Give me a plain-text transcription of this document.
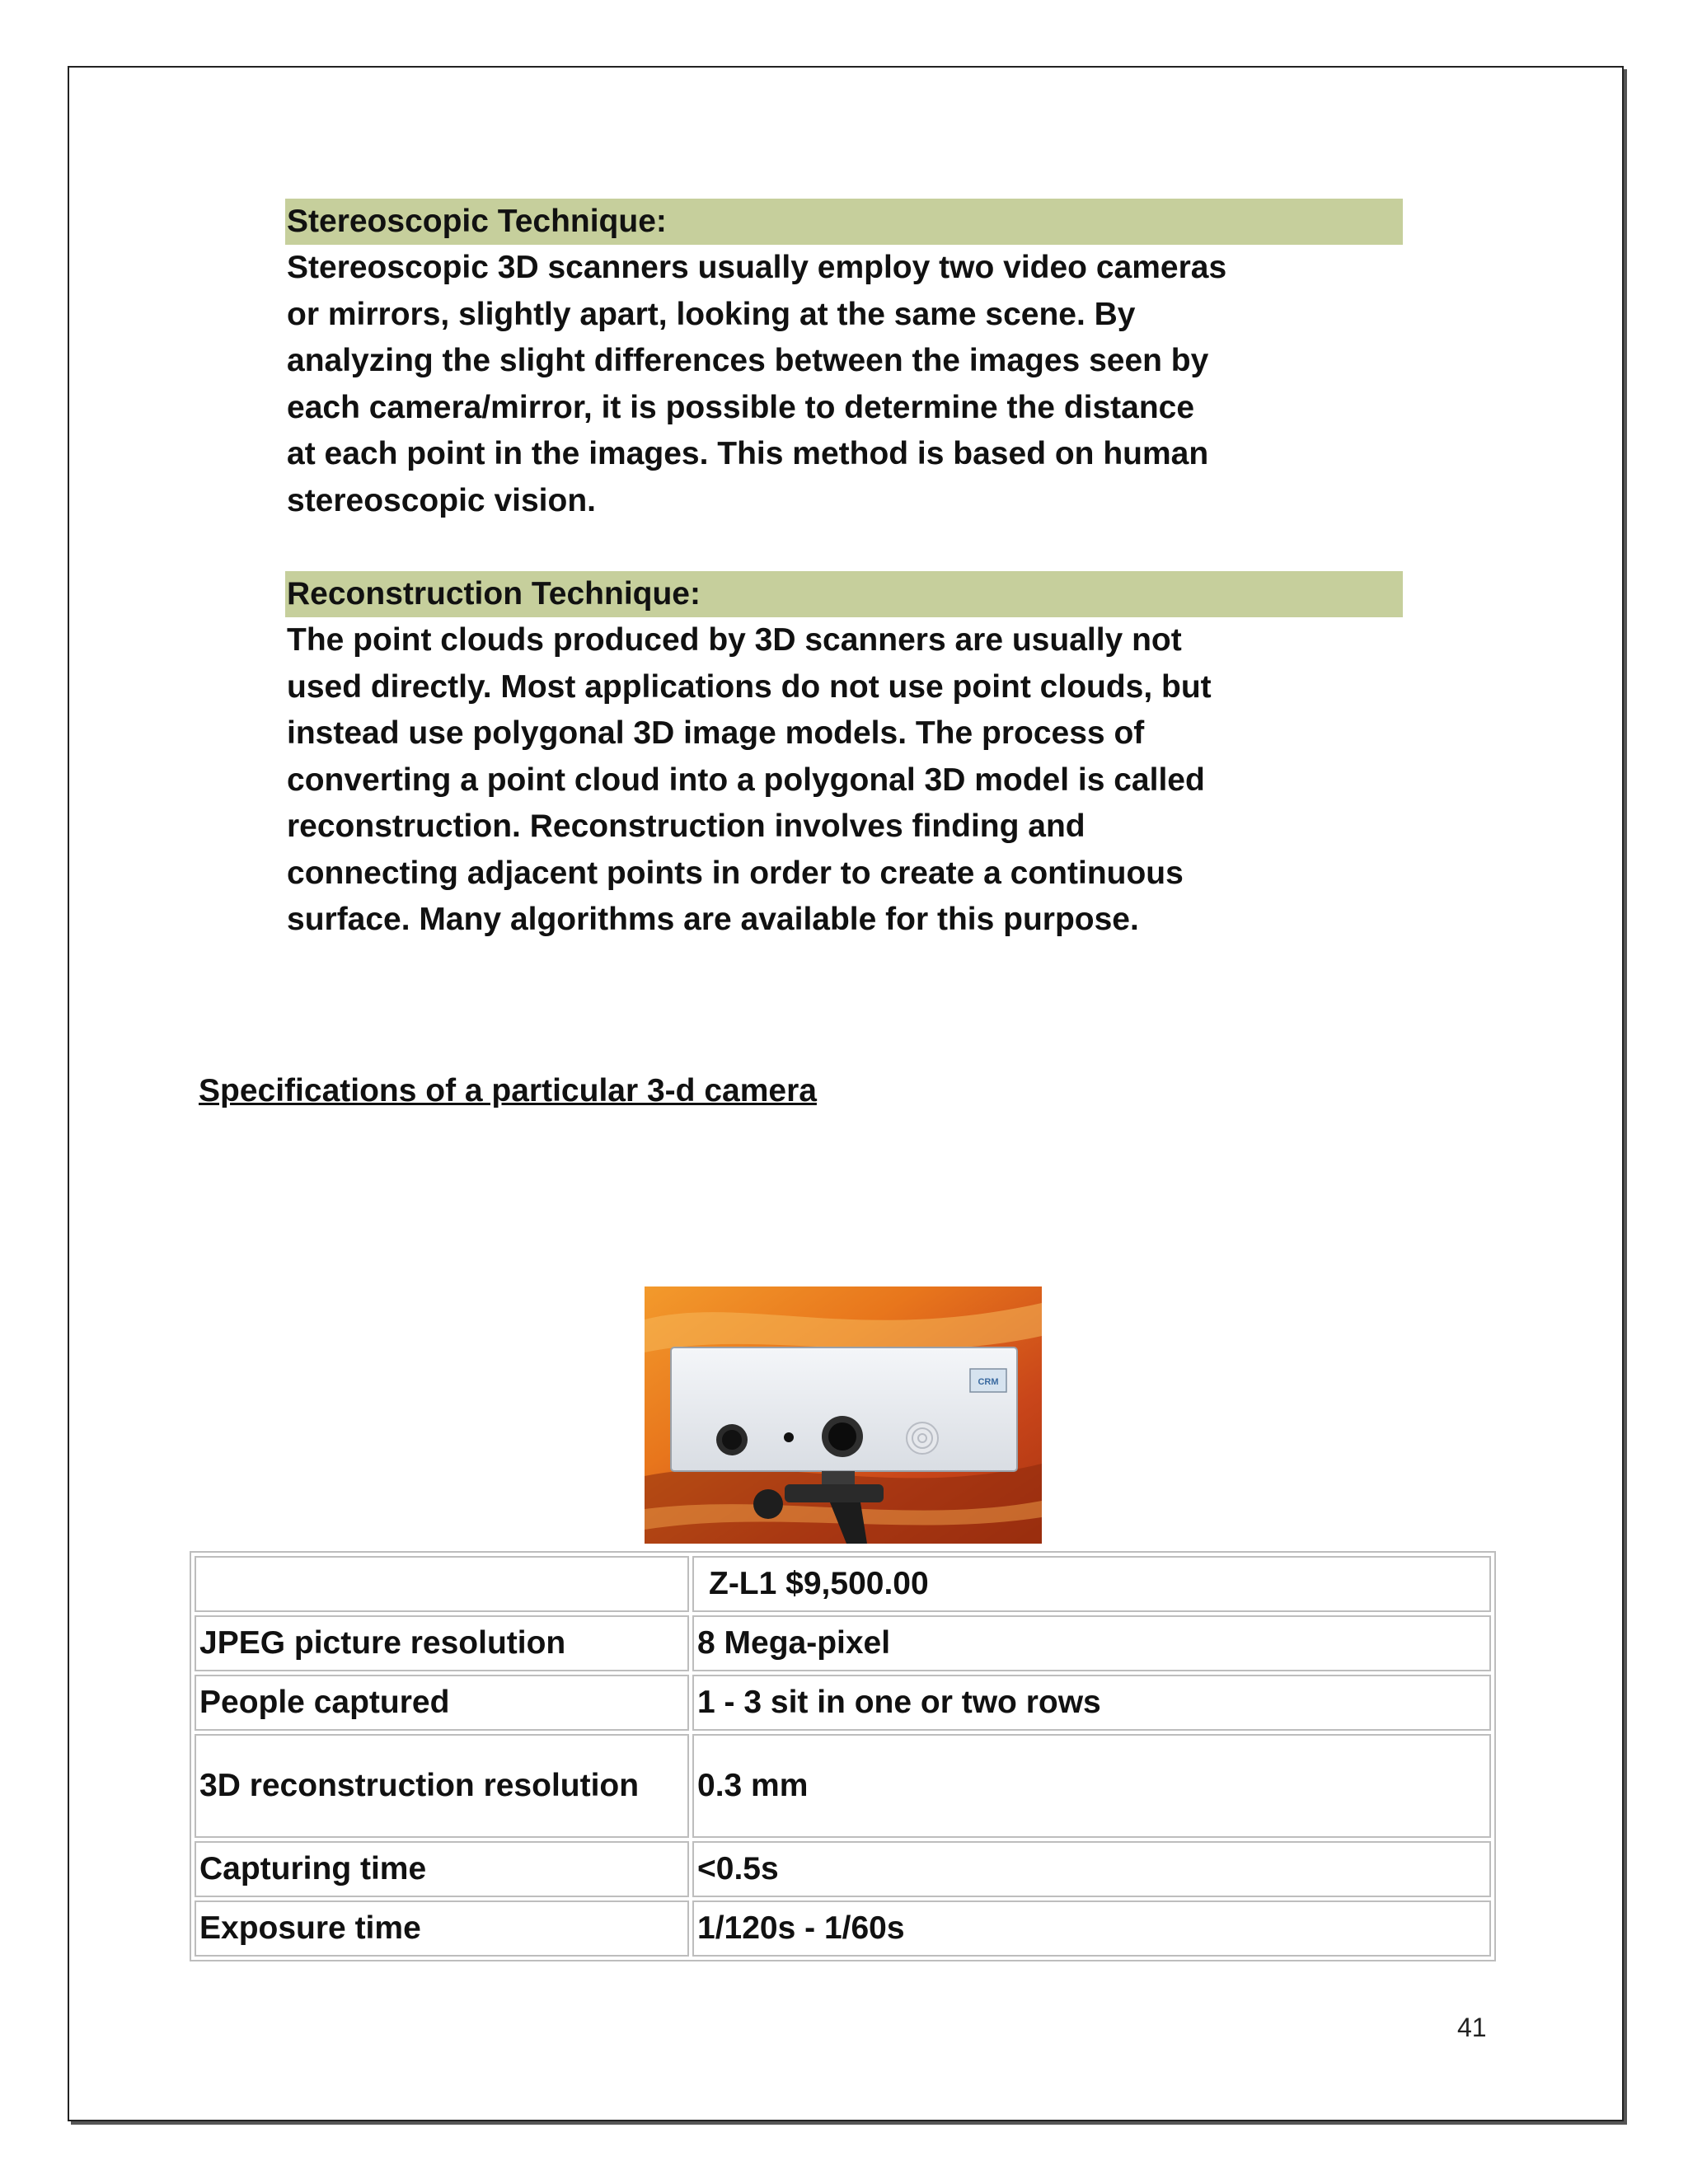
Stereoscopic Technique:

Stereoscopic 3D scanners usually employ two video cameras
or mirrors, slightly apart, looking at the same scene. By
analyzing the slight differences between the images seen by
each camera/mirror, it is possible to determine the distance
at each point in the images. This method is based on human
stereoscopic vision.

Reconstruction Technique:

The point clouds produced by 3D scanners are usually not
used directly. Most applications do not use point clouds, but
instead use polygonal 3D image models. The process of
converting a point cloud into a polygonal 3D model is called
reconstruction. Reconstruction involves finding and
connecting adjacent points in order to create a continuous
surface. Many algorithms are available for this purpose.

Specifications of a particular 3-d camera
CRM
	Z-L1 $9,500.00
JPEG picture resolution	8 Mega-pixel
People captured	1 - 3 sit in one or two rows
3D reconstruction resolution	0.3 mm
Capturing time	<0.5s
Exposure time	1/120s - 1/60s
41
